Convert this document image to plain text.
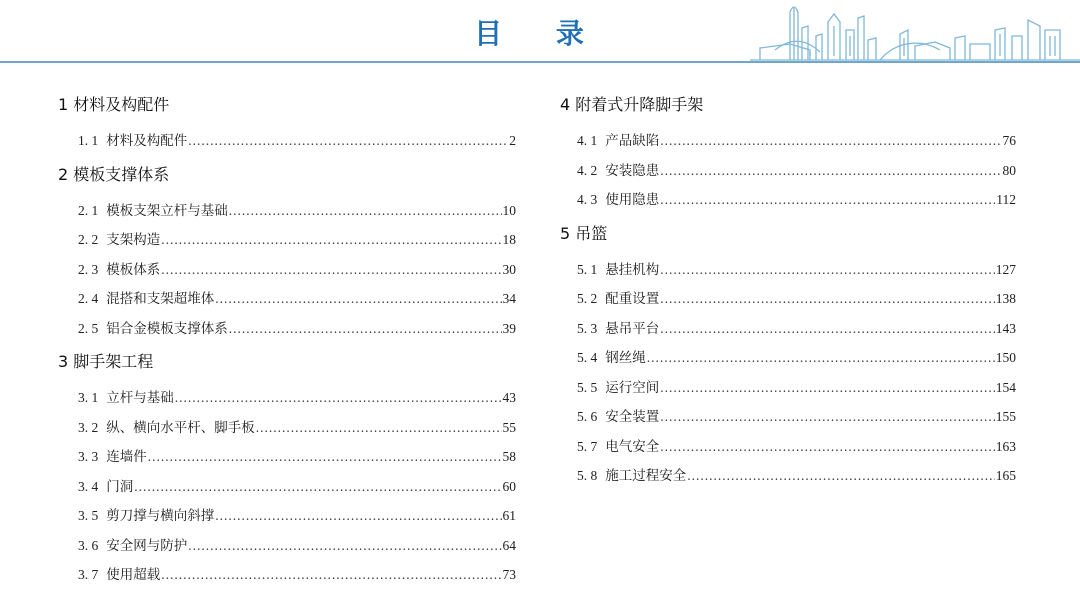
目 录
1 材料及构配件
1. 1 材料及构配件 .....	2
2 模板支撑体系
2. 1 模板支架立杆与基础 .....	10
2. 2 支架构造 .....	18
2. 3 模板体系 .....	30
2. 4 混搭和支架超堆体 .....	34
2. 5 铝合金模板支撑体系 .....	39
3 脚手架工程
3. 1 立杆与基础 .....	43
3. 2 纵、横向水平杆、脚手板 .....	55
3. 3 连墙件 .....	58
3. 4 门洞 .....	60
3. 5 剪刀撑与横向斜撑 .....	61
3. 6 安全网与防护 .....	64
3. 7 使用超载 .....	73
4 附着式升降脚手架
4. 1 产品缺陷 .....	76
4. 2 安装隐患 .....	80
4. 3 使用隐患 .....	112
5 吊篮
5. 1 悬挂机构 .....	127
5. 2 配重设置 .....	138
5. 3 悬吊平台 .....	143
5. 4 钢丝绳 .....	150
5. 5 运行空间 .....	154
5. 6 安全装置 .....	155
5. 7 电气安全 .....	163
5. 8 施工过程安全 .....	165
